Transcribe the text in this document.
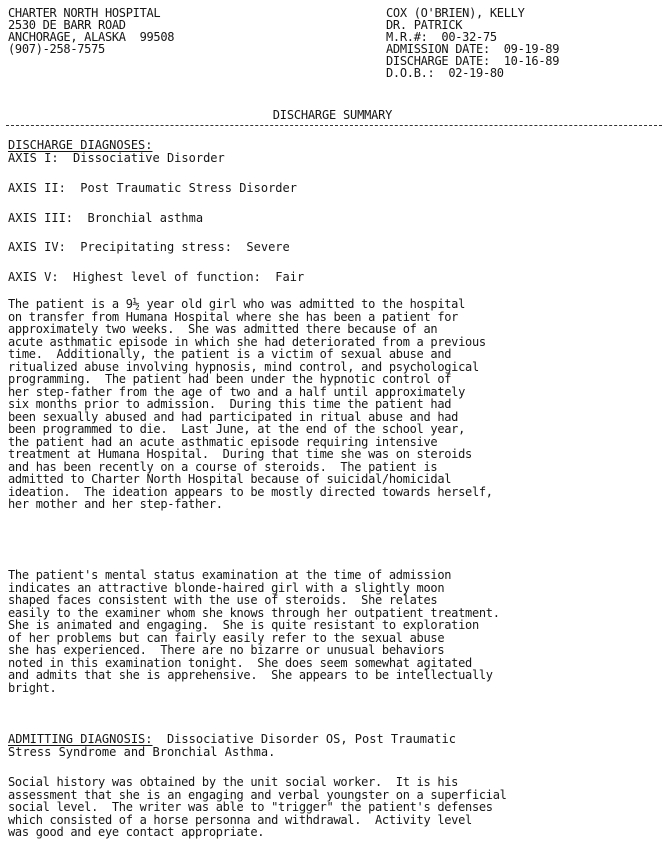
CHARTER NORTH HOSPITAL
2530 DE BARR ROAD
ANCHORAGE, ALASKA  99508
(907)-258-7575
COX (O'BRIEN), KELLY
DR. PATRICK
M.R.#:  00-32-75
ADMISSION DATE:  09-19-89
DISCHARGE DATE:  10-16-89
D.O.B.:  02-19-80
DISCHARGE SUMMARY
DISCHARGE DIAGNOSES:
AXIS I:  Dissociative Disorder
AXIS II:  Post Traumatic Stress Disorder
AXIS III:  Bronchial asthma
AXIS IV:  Precipitating stress:  Severe
AXIS V:  Highest level of function:  Fair
The patient is a 9½ year old girl who was admitted to the hospital
on transfer from Humana Hospital where she has been a patient for
approximately two weeks.  She was admitted there because of an
acute asthmatic episode in which she had deteriorated from a previous
time.  Additionally, the patient is a victim of sexual abuse and
ritualized abuse involving hypnosis, mind control, and psychological
programming.  The patient had been under the hypnotic control of
her step-father from the age of two and a half until approximately
six months prior to admission.  During this time the patient had
been sexually abused and had participated in ritual abuse and had
been programmed to die.  Last June, at the end of the school year,
the patient had an acute asthmatic episode requiring intensive
treatment at Humana Hospital.  During that time she was on steroids
and has been recently on a course of steroids.  The patient is
admitted to Charter North Hospital because of suicidal/homicidal
ideation.  The ideation appears to be mostly directed towards herself,
her mother and her step-father.
The patient's mental status examination at the time of admission
indicates an attractive blonde-haired girl with a slightly moon
shaped faces consistent with the use of steroids.  She relates
easily to the examiner whom she knows through her outpatient treatment.
She is animated and engaging.  She is quite resistant to exploration
of her problems but can fairly easily refer to the sexual abuse
she has experienced.  There are no bizarre or unusual behaviors
noted in this examination tonight.  She does seem somewhat agitated
and admits that she is apprehensive.  She appears to be intellectually
bright.
ADMITTING DIAGNOSIS:  Dissociative Disorder OS, Post Traumatic
Stress Syndrome and Bronchial Asthma.
Social history was obtained by the unit social worker.  It is his
assessment that she is an engaging and verbal youngster on a superficial
social level.  The writer was able to "trigger" the patient's defenses
which consisted of a horse personna and withdrawal.  Activity level
was good and eye contact appropriate.
